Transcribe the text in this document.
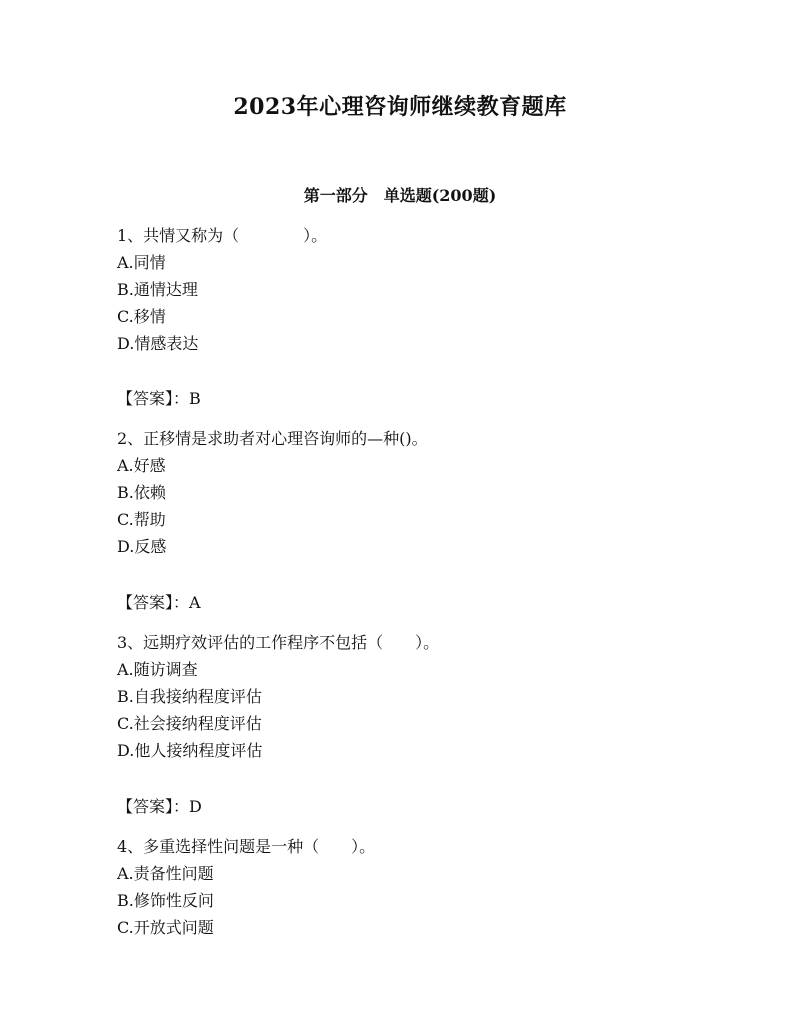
2023年心理咨询师继续教育题库
第一部分　单选题(200题)
1、共情又称为（　　　　）。
A.同情
B.通情达理
C.移情
D.情感表达
【答案】：B
2、正移情是求助者对心理咨询师的—种()。
A.好感
B.依赖
C.帮助
D.反感
【答案】：A
3、远期疗效评估的工作程序不包括（　　）。
A.随访调查
B.自我接纳程度评估
C.社会接纳程度评估
D.他人接纳程度评估
【答案】：D
4、多重选择性问题是一种（　　）。
A.责备性问题
B.修饰性反问
C.开放式问题
